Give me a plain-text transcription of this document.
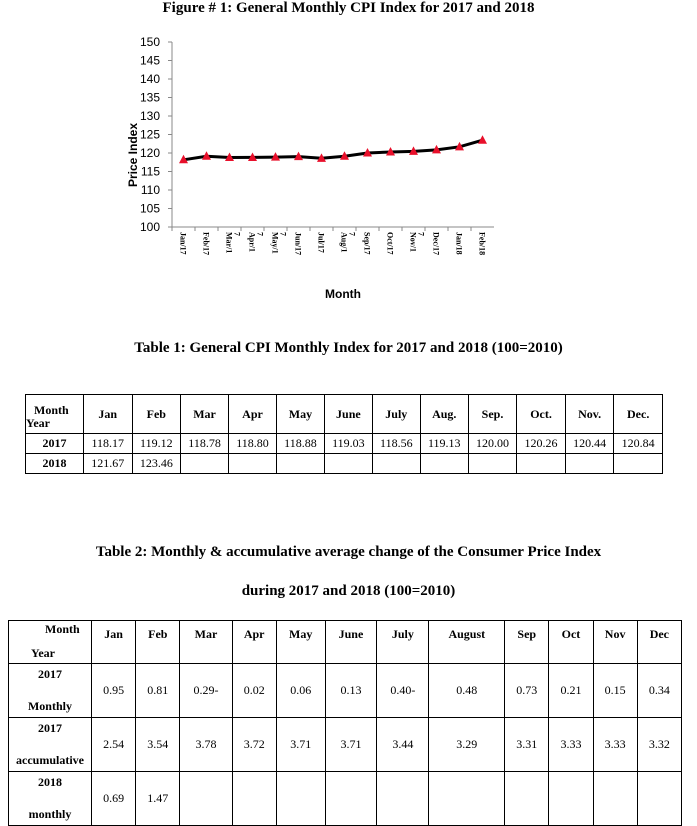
Figure # 1: General Monthly CPI Index for 2017 and 2018
100
105
110
115
120
125
130
135
140
145
150
Jan/17 Feb/17 Mar/17 Apr/17 May/17 Jun/17 Jul/17 Aug/17 Sep/17 Oct/17 Nov/17 Dec/17 Jan/18 Feb/18
Price Index
Month
Table 1: General CPI Monthly Index for 2017 and 2018 (100=2010)
Month
Year	Jan	Feb	Mar	Apr	May	June	July	Aug.	Sep.	Oct.	Nov.	Dec.
2017	118.17	119.12	118.78	118.80	118.88	119.03	118.56	119.13	120.00	120.26	120.44	120.84
2018	121.67	123.46										
Table 2: Monthly & accumulative average change of the Consumer Price Index
during 2017 and 2018 (100=2010)
Month
Year	Jan	Feb	Mar	Apr	May	June	July	August	Sep	Oct	Nov	Dec

2017
Monthly	0.95	0.81	0.29-	0.02	0.06	0.13	0.40-	0.48	0.73	0.21	0.15	0.34

2017
accumulative	2.54	3.54	3.78	3.72	3.71	3.71	3.44	3.29	3.31	3.33	3.33	3.32

2018
monthly	0.69	1.47										
